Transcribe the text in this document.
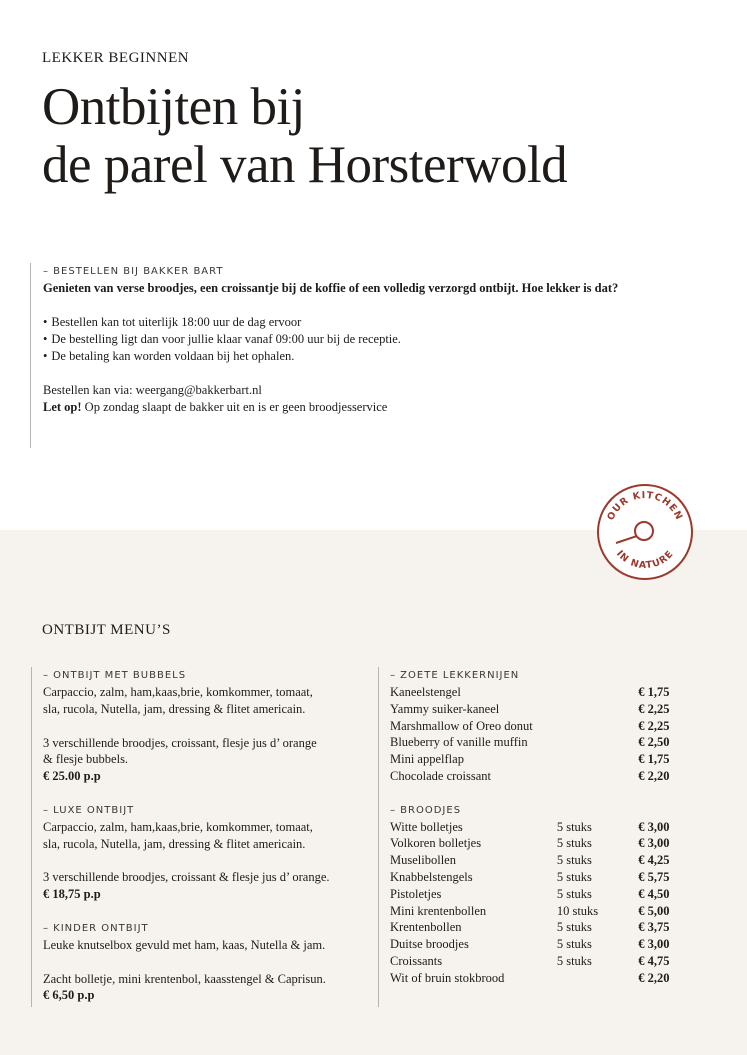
LEKKER BEGINNEN
Ontbijten bij
de parel van Horsterwold
– BESTELLEN BIJ BAKKER BART
Genieten van verse broodjes, een croissantje bij de koffie of een volledig verzorgd ontbijt. Hoe lekker is dat?
• Bestellen kan tot uiterlijk 18:00 uur de dag ervoor
• De bestelling ligt dan voor jullie klaar vanaf 09:00 uur bij de receptie.
• De betaling kan worden voldaan bij het ophalen.
Bestellen kan via: weergang@bakkerbart.nl
Let op! Op zondag slaapt de bakker uit en is er geen broodjesservice
OUR KITCHEN
IN NATURE
ONTBIJT MENU’S
– ONTBIJT MET BUBBELS
Carpaccio, zalm, ham,kaas,brie, komkommer, tomaat,
sla, rucola, Nutella, jam, dressing & flitet americain.
3 verschillende broodjes, croissant, flesje jus d’ orange
& flesje bubbels.
€ 25.00 p.p
– LUXE ONTBIJT
Carpaccio, zalm, ham,kaas,brie, komkommer, tomaat,
sla, rucola, Nutella, jam, dressing & flitet americain.
3 verschillende broodjes, croissant & flesje jus d’ orange.
€ 18,75 p.p
– KINDER ONTBIJT
Leuke knutselbox gevuld met ham, kaas, Nutella & jam.
Zacht bolletje, mini krentenbol, kaasstengel & Caprisun.
€ 6,50 p.p
– ZOETE LEKKERNIJEN
Kaneelstengel	€ 1,75
Yammy suiker-kaneel	€ 2,25
Marshmallow of Oreo donut	€ 2,25
Blueberry of vanille muffin	€ 2,50
Mini appelflap	€ 1,75
Chocolade croissant	€ 2,20
– BROODJES
Witte bolletjes	5 stuks	€ 3,00
Volkoren bolletjes	5 stuks	€ 3,00
Muselibollen	5 stuks	€ 4,25
Knabbelstengels	5 stuks	€ 5,75
Pistoletjes	5 stuks	€ 4,50
Mini krentenbollen	10 stuks	€ 5,00
Krentenbollen	5 stuks	€ 3,75
Duitse broodjes	5 stuks	€ 3,00
Croissants	5 stuks	€ 4,75
Wit of bruin stokbrood	€ 2,20
